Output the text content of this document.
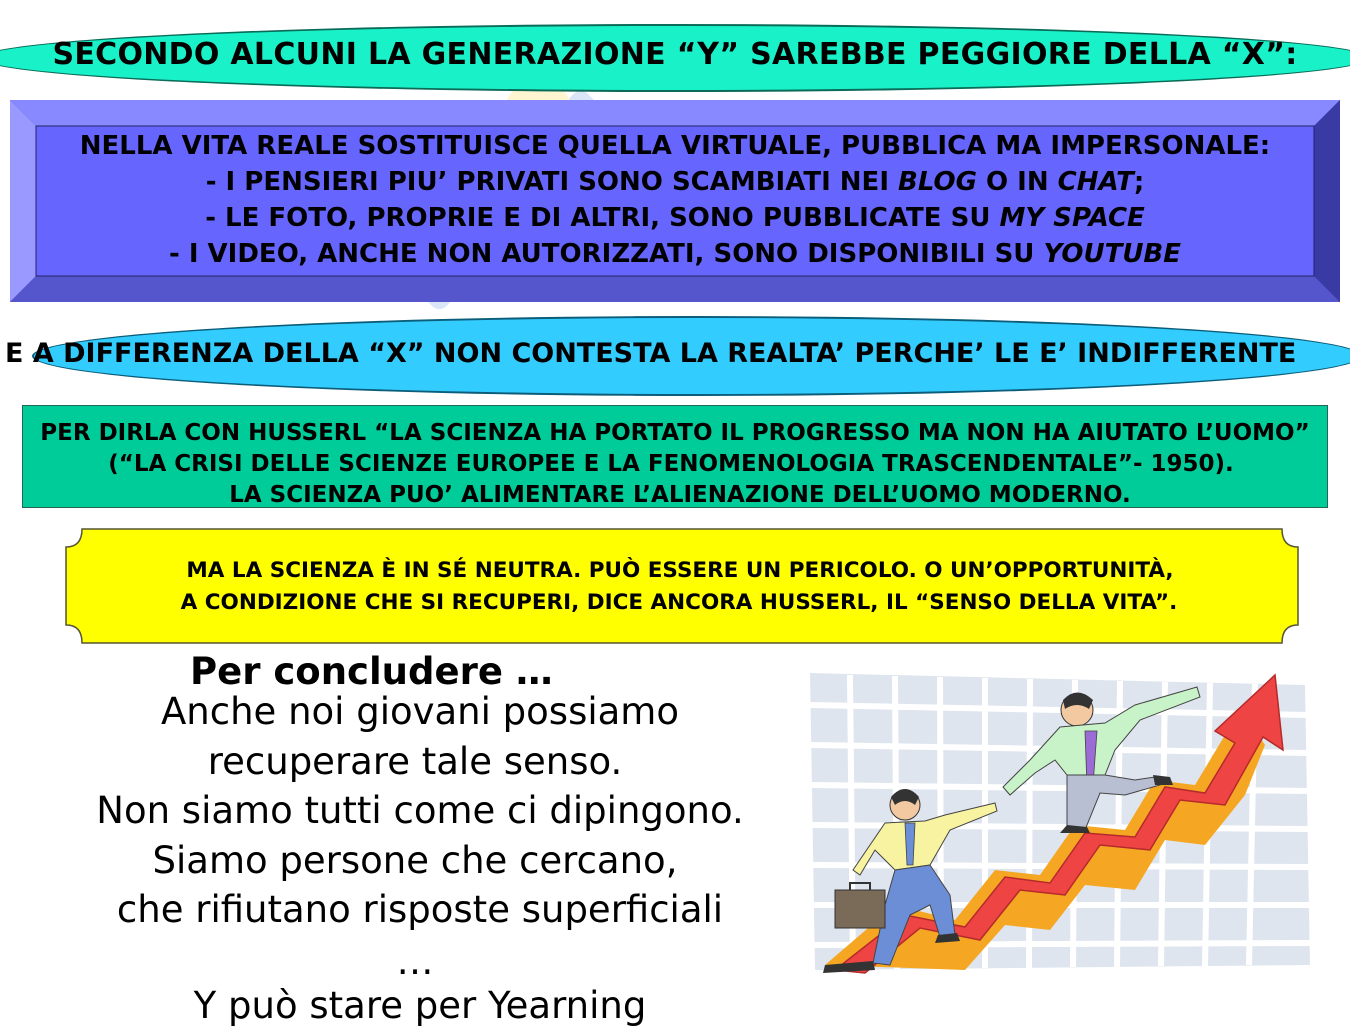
SECONDO ALCUNI LA GENERAZIONE “Y” SAREBBE PEGGIORE DELLA “X”:
NELLA VITA REALE SOSTITUISCE QUELLA VIRTUALE, PUBBLICA MA IMPERSONALE:
- I PENSIERI PIU’ PRIVATI SONO SCAMBIATI NEI BLOG O IN CHAT;
- LE FOTO, PROPRIE E DI ALTRI, SONO PUBBLICATE SU MY SPACE
- I VIDEO, ANCHE NON AUTORIZZATI, SONO DISPONIBILI SU YOUTUBE
E A DIFFERENZA DELLA “X” NON CONTESTA LA REALTA’ PERCHE’ LE E’ INDIFFERENTE
PER DIRLA CON HUSSERL “LA SCIENZA HA PORTATO IL PROGRESSO MA NON HA AIUTATO L’UOMO”
(“LA CRISI DELLE SCIENZE EUROPEE E LA FENOMENOLOGIA TRASCENDENTALE”- 1950).
LA SCIENZA PUO’ ALIMENTARE L’ALIENAZIONE DELL’UOMO MODERNO.
MA LA SCIENZA È IN SÉ NEUTRA. PUÒ ESSERE UN PERICOLO. O UN’OPPORTUNITÀ,
A CONDIZIONE CHE SI RECUPERI, DICE ANCORA HUSSERL, IL “SENSO DELLA VITA”.
Per concludere …
Anche noi giovani possiamo
recuperare tale senso.
Non siamo tutti come ci dipingono.
Siamo persone che cercano,
che rifiutano risposte superficiali
…
Y può stare per Yearning
